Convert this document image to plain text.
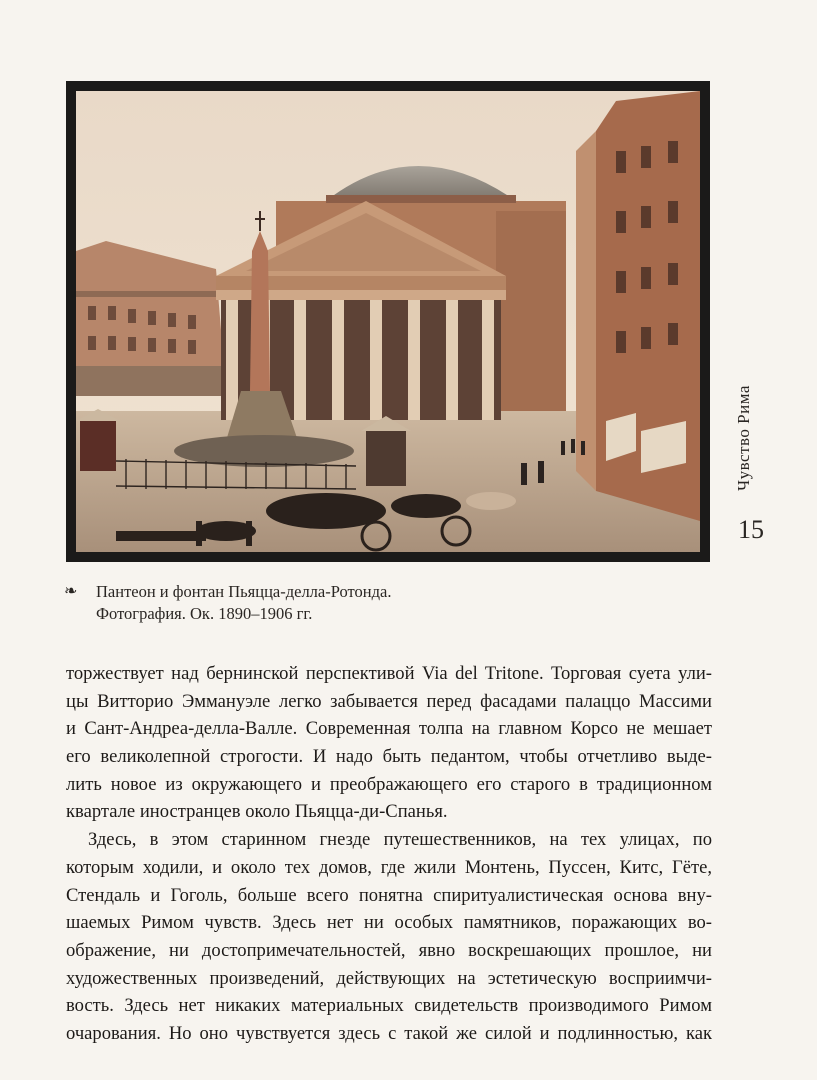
Чувство Рима
15
❧	Пантеон и фонтан Пьяцца-делла-Ротонда.
Фотография. Ок. 1890–1906 гг.
торжествует над бернинской перспективой Via del Tritone. Торговая суета ули-
цы Витторио Эммануэле легко забывается перед фасадами палаццо Массими
и Сант-Андреа-делла-Валле. Современная толпа на главном Корсо не мешает
его великолепной строгости. И надо быть педантом, чтобы отчетливо выде-
лить новое из окружающего и преображающего его старого в традиционном
квартале иностранцев около Пьяцца-ди-Спанья.
Здесь, в этом старинном гнезде путешественников, на тех улицах, по
которым ходили, и около тех домов, где жили Монтень, Пуссен, Китс, Гёте,
Стендаль и Гоголь, больше всего понятна спиритуалистическая основа вну-
шаемых Римом чувств. Здесь нет ни особых памятников, поражающих во-
ображение, ни достопримечательностей, явно воскрешающих прошлое, ни
художественных произведений, действующих на эстетическую восприимчи-
вость. Здесь нет никаких материальных свидетельств производимого Римом
очарования. Но оно чувствуется здесь с такой же силой и подлинностью, как
